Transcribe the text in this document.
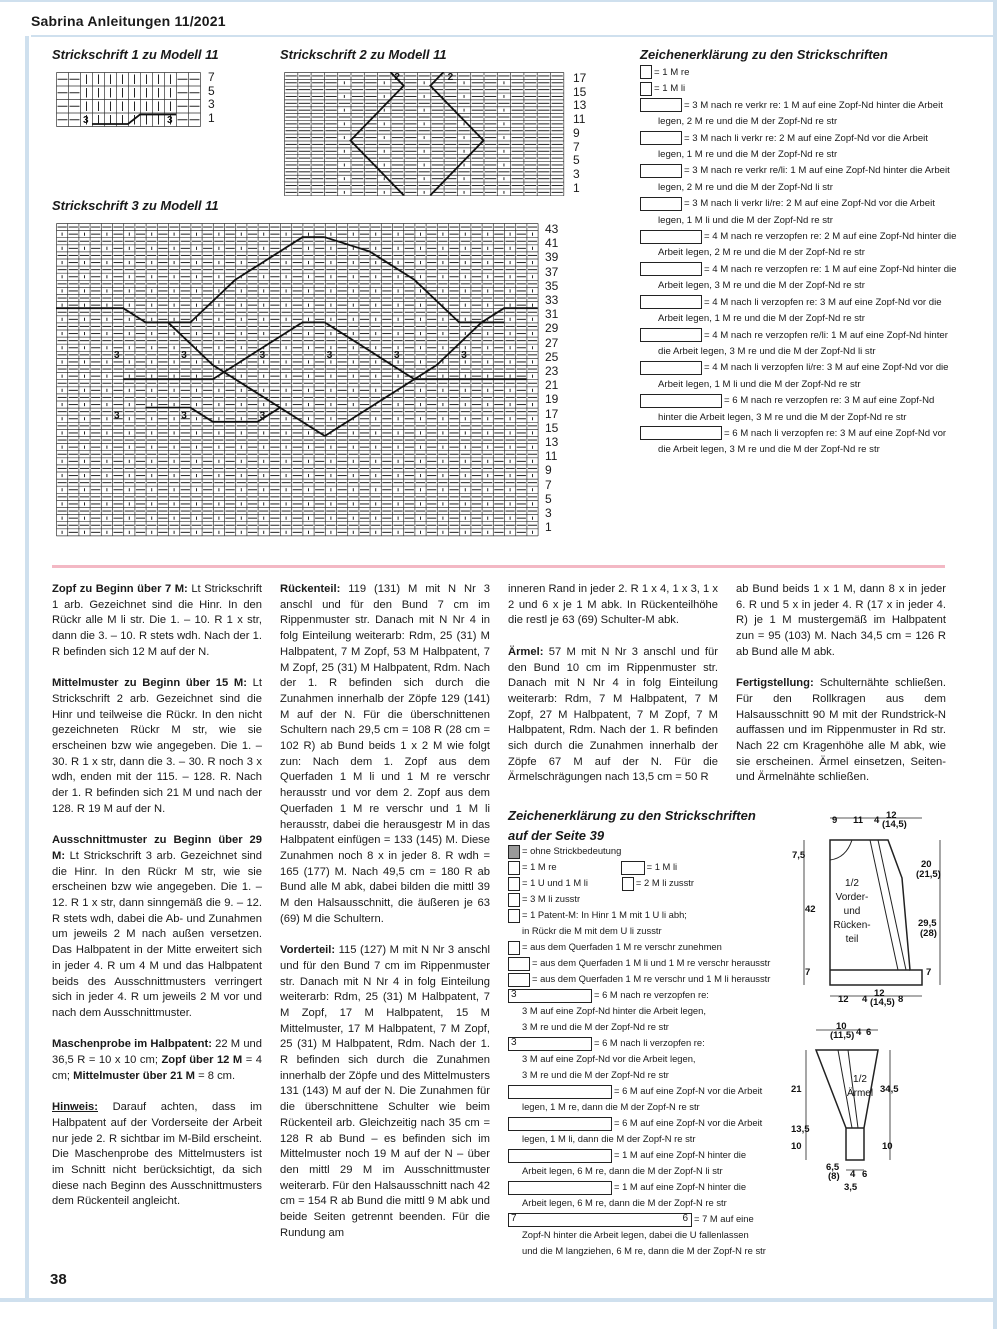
Sabrina Anleitungen 11/2021
Strickschrift 1 zu Modell 11
3	3
7
5
3
1
Strickschrift 2 zu Modell 11
2	2	17
15
13
11
9
7
5
3
1
Strickschrift 3 zu Modell 11
3	3	3	3	3	3
3	3	3
43
41
39
37
35
33
31
29
27
25
23
21
19
17
15
13
11
9
7
5
3
1
Zeichenerklärung zu den Strickschriften
= 1 M re
= 1 M li
= 3 M nach re verkr re: 1 M auf eine Zopf-Nd hinter die Arbeit
legen, 2 M re und die M der Zopf-Nd re str
= 3 M nach li verkr re: 2 M auf eine Zopf-Nd vor die Arbeit
legen, 1 M re und die M der Zopf-Nd re str
= 3 M nach re verkr re/li: 1 M auf eine Zopf-Nd hinter die Arbeit
legen, 2 M re und die M der Zopf-Nd li str
= 3 M nach li verkr li/re: 2 M auf eine Zopf-Nd vor die Arbeit
legen, 1 M li und die M der Zopf-Nd re str
= 4 M nach re verzopfen re: 2 M auf eine Zopf-Nd hinter die
Arbeit legen, 2 M re und die M der Zopf-Nd re str
= 4 M nach re verzopfen re: 1 M auf eine Zopf-Nd hinter die
Arbeit legen, 3 M re und die M der Zopf-Nd re str
= 4 M nach li verzopfen re: 3 M auf eine Zopf-Nd vor die
Arbeit legen, 1 M re und die M der Zopf-Nd re str
= 4 M nach re verzopfen re/li: 1 M auf eine Zopf-Nd hinter
die Arbeit legen, 3 M re und die M der Zopf-Nd li str
= 4 M nach li verzopfen li/re: 3 M auf eine Zopf-Nd vor die
Arbeit legen, 1 M li und die M der Zopf-Nd re str
= 6 M nach re verzopfen re: 3 M auf eine Zopf-Nd
hinter die Arbeit legen, 3 M re und die M der Zopf-Nd re str
= 6 M nach li verzopfen re: 3 M auf eine Zopf-Nd vor
die Arbeit legen, 3 M re und die M der Zopf-Nd re str

Zopf zu Beginn über 7 M: Lt Strickschrift 1 arb. Gezeichnet sind die Hinr. In den Rückr alle M li str. Die 1. – 10. R 1 x str, dann die 3. – 10. R stets wdh. Nach der 1. R befinden sich 12 M auf der N.

Mittelmuster zu Beginn über 15 M: Lt Strickschrift 2 arb. Gezeichnet sind die Hinr und teilweise die Rückr. In den nicht gezeichneten Rückr M str, wie sie erscheinen bzw wie angegeben. Die 1. – 30. R 1 x str, dann die 3. – 30. R noch 3 x wdh, enden mit der 115. – 128. R. Nach der 1. R befinden sich 21 M und nach der 128. R 19 M auf der N.

Ausschnittmuster zu Beginn über 29 M: Lt Strickschrift 3 arb. Gezeichnet sind die Hinr. In den Rückr M str, wie sie erscheinen bzw wie angegeben. Die 1. – 12. R 1 x str, dann sinngemäß die 9. – 12. R stets wdh, dabei die Ab- und Zunahmen um jeweils 2 M nach außen versetzen. Das Halbpatent in der Mitte erweitert sich in jeder 4. R um 4 M und das Halbpatent beids des Ausschnittmusters verringert sich in jeder 4. R um jeweils 2 M vor und nach dem Ausschnittmuster.

Maschenprobe im Halbpatent: 22 M und 36,5 R = 10 x 10 cm; Zopf über 12 M = 4 cm; Mittelmuster über 21 M = 8 cm.

Hinweis: Darauf achten, dass im Halbpatent auf der Vorderseite der Arbeit nur jede 2. R sichtbar im M-Bild erscheint. Die Maschenprobe des Mittelmusters ist im Schnitt nicht berücksichtigt, da sich diese nach Beginn des Ausschnittmusters dem Rückenteil angleicht.

Rückenteil: 119 (131) M mit N Nr 3 anschl und für den Bund 7 cm im Rippenmuster str. Danach mit N Nr 4 in folg Einteilung weiterarb: Rdm, 25 (31) M Halbpatent, 7 M Zopf, 53 M Halbpatent, 7 M Zopf, 25 (31) M Halbpatent, Rdm. Nach der 1. R befinden sich durch die Zunahmen innerhalb der Zöpfe 129 (141) M auf der N. Für die überschnittenen Schultern nach 29,5 cm = 108 R (28 cm = 102 R) ab Bund beids 1 x 2 M wie folgt zun: Nach dem 1. Zopf aus dem Querfaden 1 M li und 1 M re verschr herausstr und vor dem 2. Zopf aus dem Querfaden 1 M re verschr und 1 M li herausstr, dabei die herausgestr M in das Halbpatent einfügen = 133 (145) M. Diese Zunahmen noch 8 x in jeder 8. R wdh = 165 (177) M. Nach 49,5 cm = 180 R ab Bund alle M abk, dabei bilden die mittl 39 M den Halsausschnitt, die äußeren je 63 (69) M die Schultern.

Vorderteil: 115 (127) M mit N Nr 3 anschl und für den Bund 7 cm im Rippenmuster str. Danach mit N Nr 4 in folg Einteilung weiterarb: Rdm, 25 (31) M Halbpatent, 7 M Zopf, 17 M Halbpatent, 15 M Mittelmuster, 17 M Halbpatent, 7 M Zopf, 25 (31) M Halbpatent, Rdm. Nach der 1. R befinden sich durch die Zunahmen innerhalb der Zöpfe und des Mittelmusters 131 (143) M auf der N. Die Zunahmen für die überschnittene Schulter wie beim Rückenteil arb. Gleichzeitig nach 35 cm = 128 R ab Bund – es befinden sich im Mittelmuster noch 19 M auf der N – über den mittl 29 M im Ausschnittmuster weiterarb. Für den Halsausschnitt nach 42 cm = 154 R ab Bund die mittl 9 M abk und beide Seiten getrennt beenden. Für die Rundung am

inneren Rand in jeder 2. R 1 x 4, 1 x 3, 1 x 2 und 6 x je 1 M abk. In Rückenteilhöhe die restl je 63 (69) Schulter-M abk.

Ärmel: 57 M mit N Nr 3 anschl und für den Bund 10 cm im Rippenmuster str. Danach mit N Nr 4 in folg Einteilung weiterarb: Rdm, 7 M Halbpatent, 7 M Zopf, 27 M Halbpatent, 7 M Zopf, 7 M Halbpatent, Rdm. Nach der 1. R befinden sich durch die Zunahmen innerhalb der Zöpfe 67 M auf der N. Für die Ärmelschrägungen nach 13,5 cm = 50 R

ab Bund beids 1 x 1 M, dann 8 x in jeder 6. R und 5 x in jeder 4. R (17 x in jeder 4. R) je 1 M mustergemäß im Halbpatent zun = 95 (103) M. Nach 34,5 cm = 126 R ab Bund alle M abk.

Fertigstellung: Schulternähte schließen. Für den Rollkragen aus dem Halsausschnitt 90 M mit der Rundstrick-N auffassen und im Rippenmuster in Rd str. Nach 22 cm Kragenhöhe alle M abk, wie sie erscheinen. Ärmel einsetzen, Seiten- und Ärmelnähte schließen.

Zeichenerklärung zu den Strickschriften
auf der Seite 39
= ohne Strickbedeutung
= 1 M re	= 1 M li
= 1 U und 1 M li	= 2 M li zusstr
= 3 M li zusstr
= 1 Patent-M: In Hinr 1 M mit 1 U li abh;
in Rückr die M mit dem U li zusstr
= aus dem Querfaden 1 M re verschr zunehmen
= aus dem Querfaden 1 M li und 1 M re verschr herausstr
= aus dem Querfaden 1 M re verschr und 1 M li herausstr
3	= 6 M nach re verzopfen re:
3 M auf eine Zopf-Nd hinter die Arbeit legen,
3 M re und die M der Zopf-Nd re str
3	= 6 M nach li verzopfen re:
3 M auf eine Zopf-Nd vor die Arbeit legen,
3 M re und die M der Zopf-Nd re str
= 6 M auf eine Zopf-N vor die Arbeit
legen, 1 M re, dann die M der Zopf-N re str
= 6 M auf eine Zopf-N vor die Arbeit
legen, 1 M li, dann die M der Zopf-N re str
= 1 M auf eine Zopf-N hinter die
Arbeit legen, 6 M re, dann die M der Zopf-N li str
= 1 M auf eine Zopf-N hinter die
Arbeit legen, 6 M re, dann die M der Zopf-N re str
7	6 = 7 M auf eine
Zopf-N hinter die Arbeit legen, dabei die U fallenlassen
und die M langziehen, 6 M re, dann die M der Zopf-N re str
9 11 4 12
(14,5)
7,5
42
7
20
(21,5)
29,5
(28)
7
12 4
12
(14,5) 8
1/2
Vorder-
und
Rücken-
teil
10
(11,5) 4 6
21
13,5
10
34,5
10
6,5
(8) 4 6
3,5
1/2
Ärmel
38
